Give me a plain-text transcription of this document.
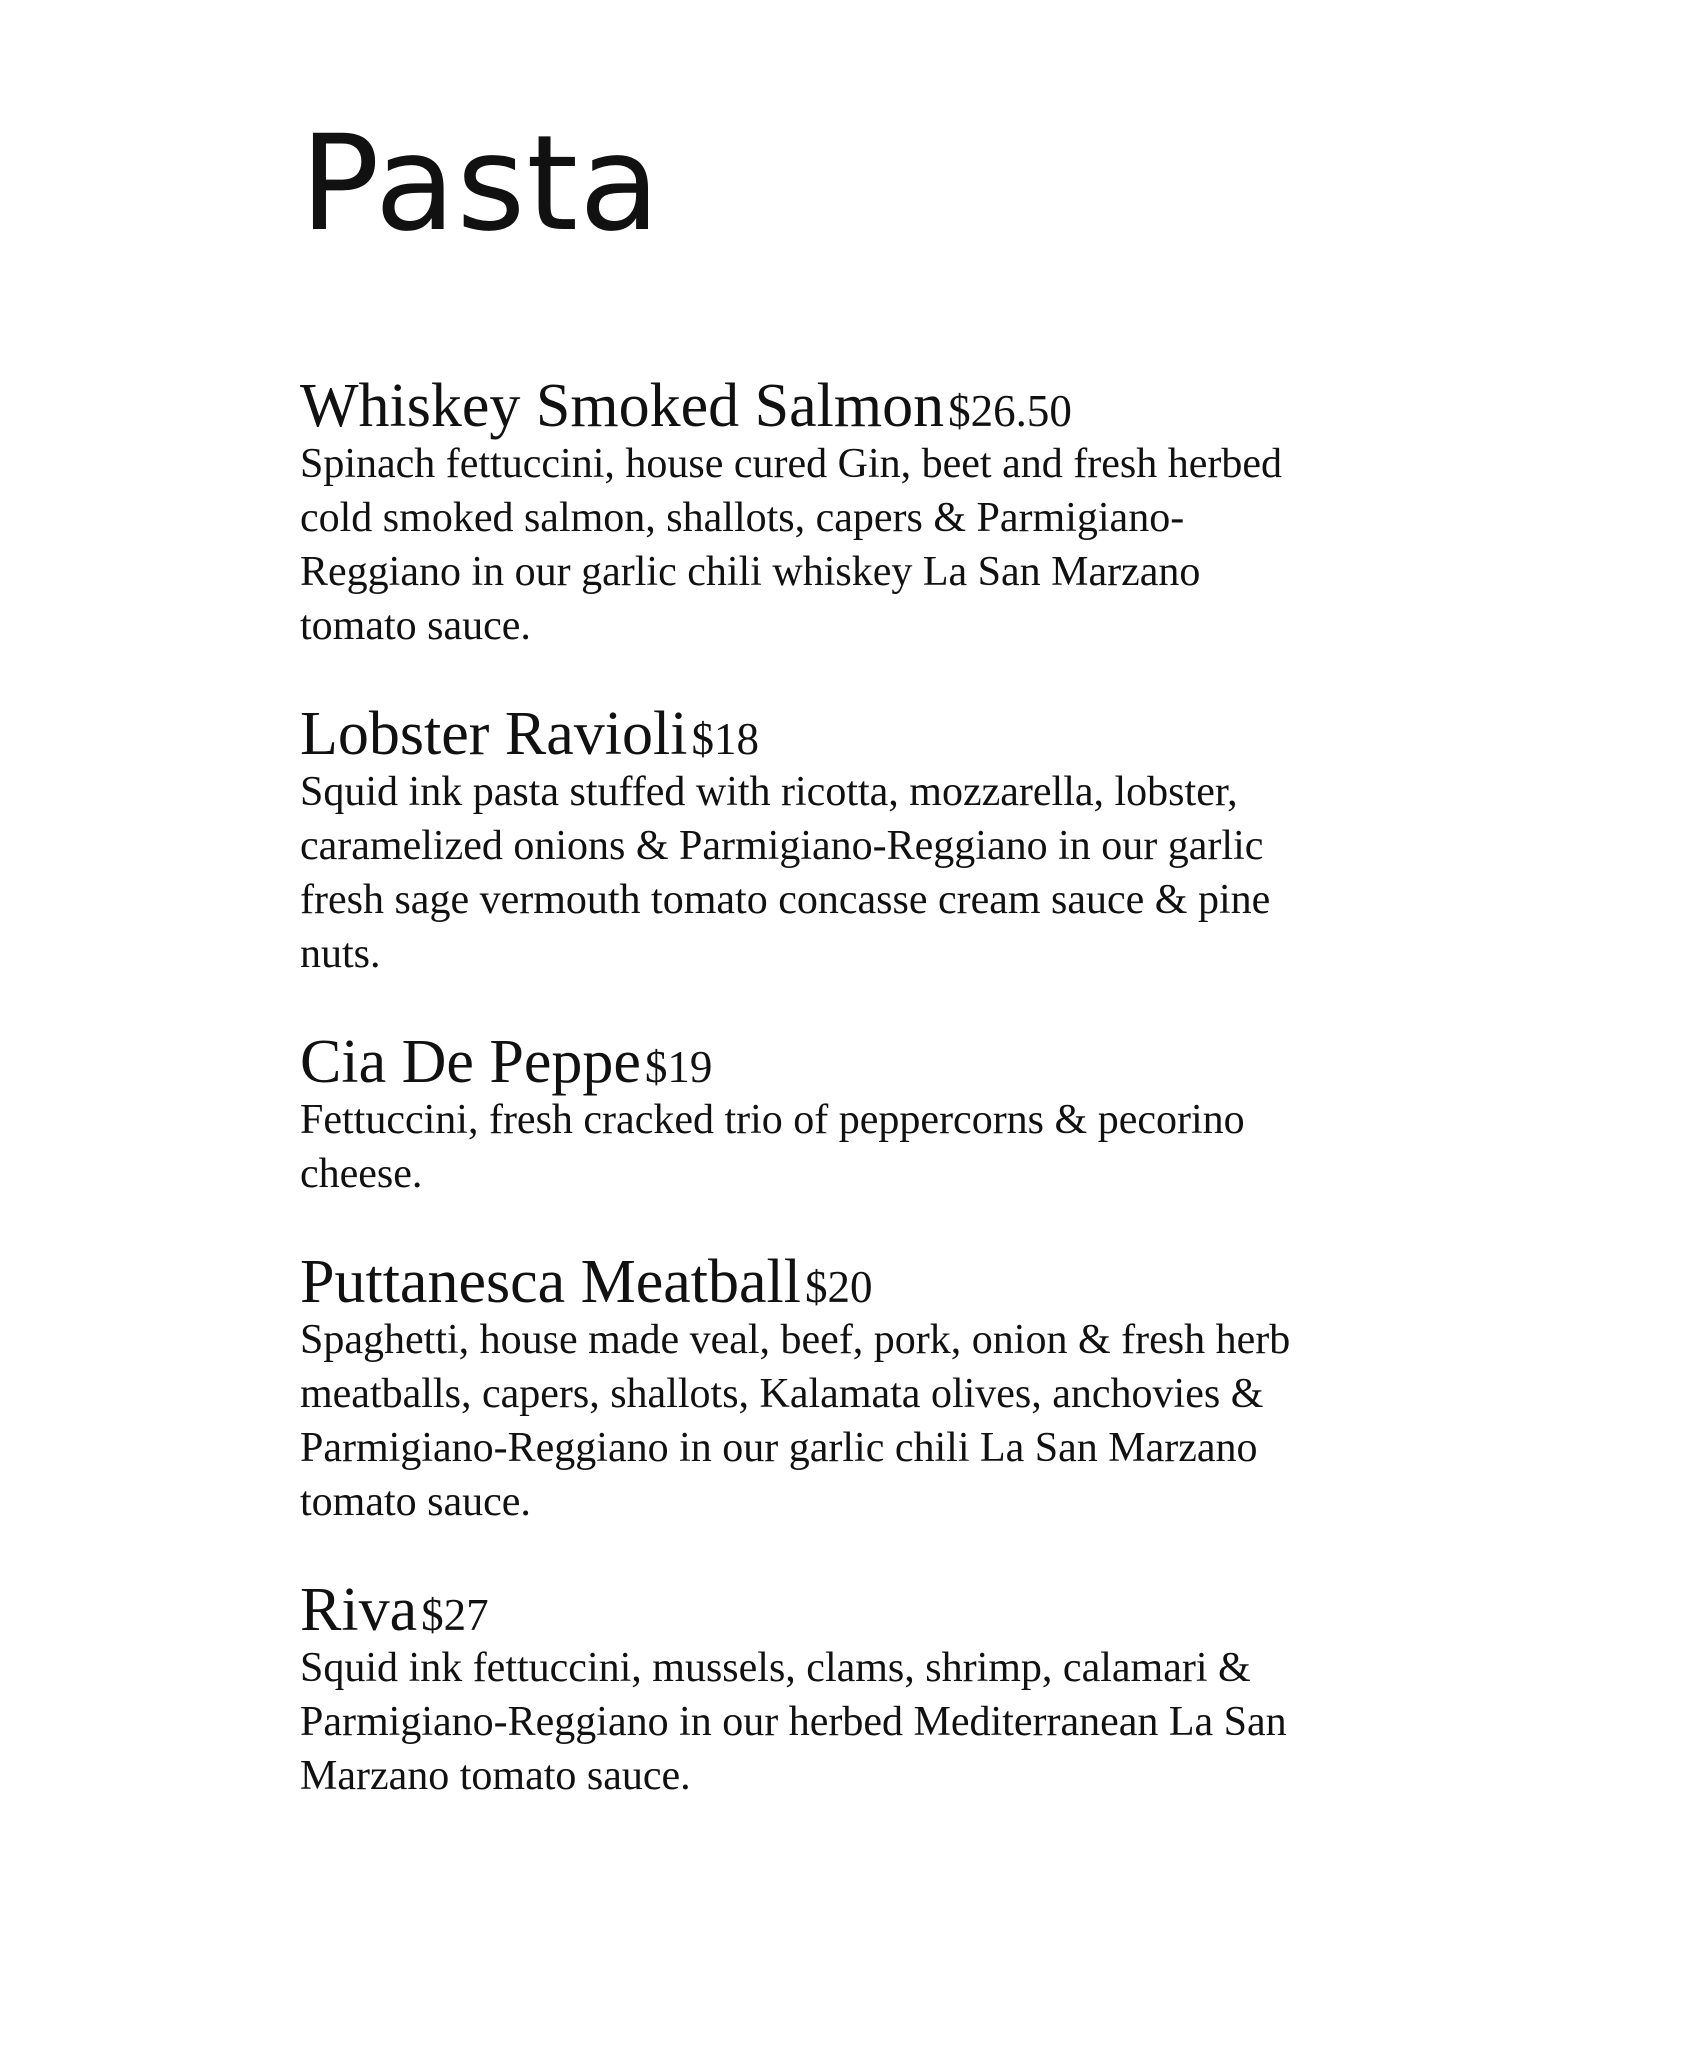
Pasta

Whiskey Smoked Salmon $26.50

Spinach fettuccini, house cured Gin, beet and fresh herbed
cold smoked salmon, shallots, capers & Parmigiano-
Reggiano in our garlic chili whiskey La San Marzano
tomato sauce.

Lobster Ravioli $18

Squid ink pasta stuffed with ricotta, mozzarella, lobster,
caramelized onions & Parmigiano-Reggiano in our garlic
fresh sage vermouth tomato concasse cream sauce & pine
nuts.

Cia De Peppe $19

Fettuccini, fresh cracked trio of peppercorns & pecorino
cheese.

Puttanesca Meatball $20

Spaghetti, house made veal, beef, pork, onion & fresh herb
meatballs, capers, shallots, Kalamata olives, anchovies &
Parmigiano-Reggiano in our garlic chili La San Marzano
tomato sauce.

Riva $27

Squid ink fettuccini, mussels, clams, shrimp, calamari &
Parmigiano-Reggiano in our herbed Mediterranean La San
Marzano tomato sauce.
